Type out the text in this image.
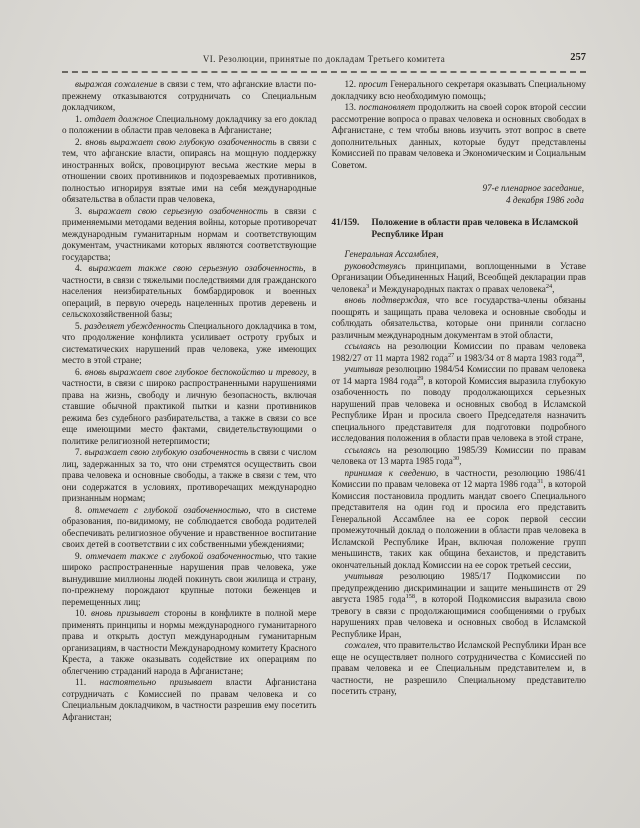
VI. Резолюции, принятые по докладам Третьего комитета	257

выражая сожаление в связи с тем, что афганские власти по-прежнему отказываются сотрудничать со Специальным докладчиком,

1. отдает должное Специальному докладчику за его доклад о положении в области прав человека в Афганистане;

2. вновь выражает свою глубокую озабоченность в связи с тем, что афганские власти, опираясь на мощную поддержку иностранных войск, провоцируют весьма жесткие меры в отношении своих противников и подозреваемых противников, полностью игнорируя взятые ими на себя международные обязательства в области прав человека,

3. выражает свою серьезную озабоченность в связи с применяемыми методами ведения войны, которые противоречат международным гуманитарным нормам и соответствующим документам, участниками которых являются соответствующие государства;

4. выражает также свою серьезную озабоченность, в частности, в связи с тяжелыми последствиями для гражданского населения неизбирательных бомбардировок и военных операций, в первую очередь нацеленных против деревень и сельскохозяйственной базы;

5. разделяет убежденность Специального докладчика в том, что продолжение конфликта усиливает остроту грубых и систематических нарушений прав человека, уже имеющих место в этой стране;

6. вновь выражает свое глубокое беспокойство и тревогу, в частности, в связи с широко распространенными нарушениями права на жизнь, свободу и личную безопасность, включая ставшие обычной практикой пытки и казни противников режима без судебного разбирательства, а также в связи со все еще имеющими место фактами, свидетельствующими о политике религиозной нетерпимости;

7. выражает свою глубокую озабоченность в связи с числом лиц, задержанных за то, что они стремятся осуществить свои права человека и основные свободы, а также в связи с тем, что они содержатся в условиях, противоречащих международно признанным нормам;

8. отмечает с глубокой озабоченностью, что в системе образования, по-видимому, не соблюдается свобода родителей обеспечивать религиозное обучение и нравственное воспитание своих детей в соответствии с их собственными убеждениями;

9. отмечает также с глубокой озабоченностью, что такие широко распространенные нарушения прав человека, уже вынудившие миллионы людей покинуть свои жилища и страну, по-прежнему порождают крупные потоки беженцев и перемещенных лиц;

10. вновь призывает стороны в конфликте в полной мере применять принципы и нормы международного гуманитарного права и открыть доступ международным гуманитарным организациям, в частности Международному комитету Красного Креста, а также оказывать содействие их операциям по облегчению страданий народа в Афганистане;

11. настоятельно призывает власти Афганистана сотрудничать с Комиссией по правам человека и со Специальным докладчиком, в частности разрешив ему посетить Афганистан;

12. просит Генерального секретаря оказывать Специальному докладчику всю необходимую помощь;

13. постановляет продолжить на своей сорок второй сессии рассмотрение вопроса о правах человека и основных свободах в Афганистане, с тем чтобы вновь изучить этот вопрос в свете дополнительных данных, которые будут представлены Комиссией по правам человека и Экономическим и Социальным Советом.

97-е пленарное заседание,
4 декабря 1986 года
41/159.	Положение в области прав человека в Исламской Республике Иран

Генеральная Ассамблея,

руководствуясь принципами, воплощенными в Уставе Организации Объединенных Наций, Всеобщей декларации прав человека$^3$ и Международных пактах о правах человека$^{24}$,

вновь подтверждая, что все государства-члены обязаны поощрять и защищать права человека и основные свободы и соблюдать обязательства, которые они приняли согласно различным международным документам в этой области,

ссылаясь на резолюции Комиссии по правам человека 1982/27 от 11 марта 1982 года$^{27}$ и 1983/34 от 8 марта 1983 года$^{28}$,

учитывая резолюцию 1984/54 Комиссии по правам человека от 14 марта 1984 года$^{29}$, в которой Комиссия выразила глубокую озабоченность по поводу продолжающихся серьезных нарушений прав человека и основных свобод в Исламской Республике Иран и просила своего Председателя назначить специального представителя для подготовки подробного исследования положения в области прав человека в этой стране,

ссылаясь на резолюцию 1985/39 Комиссии по правам человека от 13 марта 1985 года$^{30}$,

принимая к сведению, в частности, резолюцию 1986/41 Комиссии по правам человека от 12 марта 1986 года$^{31}$, в которой Комиссия постановила продлить мандат своего Специального представителя на один год и просила его представить Генеральной Ассамблее на ее сорок первой сессии промежуточный доклад о положении в области прав человека в Исламской Республике Иран, включая положение групп меньшинств, таких как община бехаистов, и представить окончательный доклад Комиссии на ее сорок третьей сессии,

учитывая резолюцию 1985/17 Подкомиссии по предупреждению дискриминации и защите меньшинств от 29 августа 1985 года$^{158}$, в которой Подкомиссия выразила свою тревогу в связи с продолжающимися сообщениями о грубых нарушениях прав человека и основных свобод в Исламской Республике Иран,

сожалея, что правительство Исламской Республики Иран все еще не осуществляет полного сотрудничества с Комиссией по правам человека и ее Специальным представителем и, в частности, не разрешило Специальному представителю посетить страну,
